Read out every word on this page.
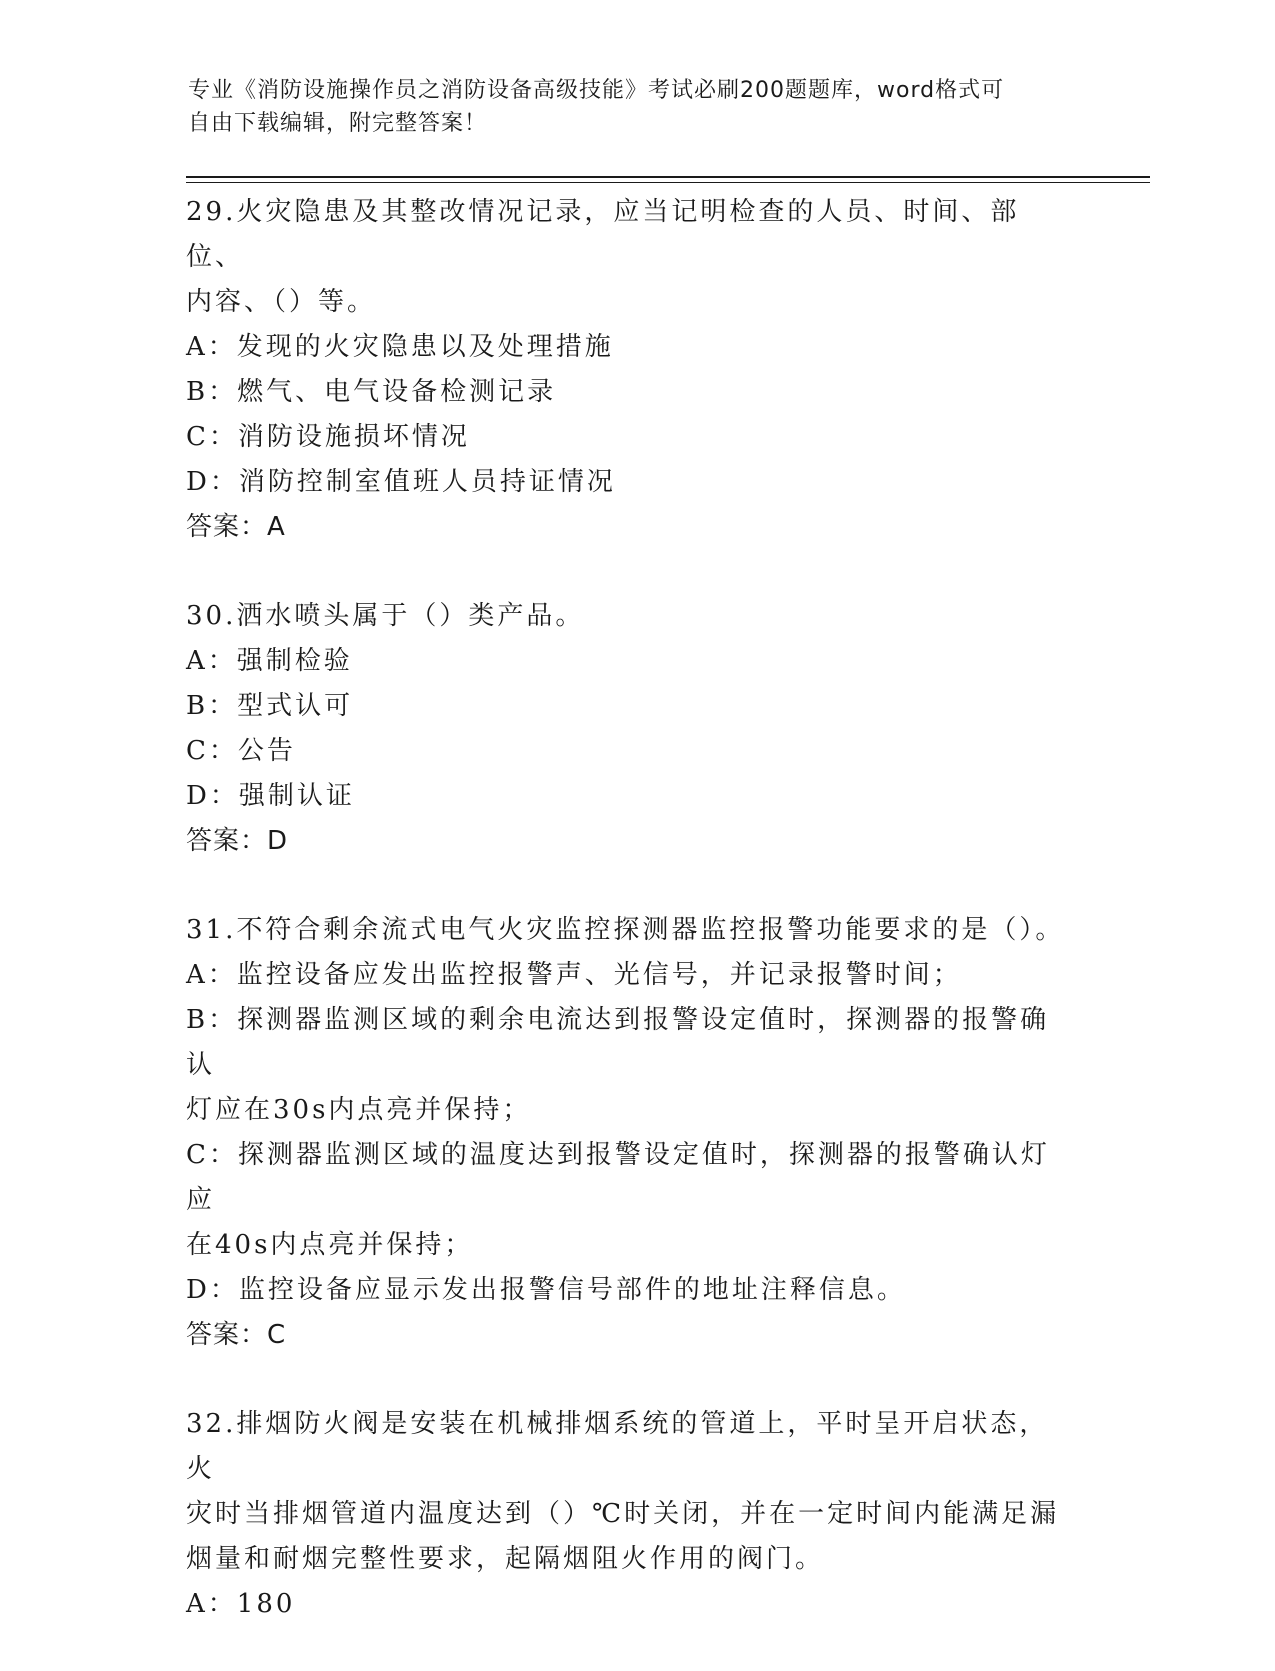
专业《消防设施操作员之消防设备高级技能》考试必刷200题题库，word格式可
自由下载编辑，附完整答案！

29.火灾隐患及其整改情况记录，应当记明检查的人员、时间、部位、

内容、（）等。

A：发现的火灾隐患以及处理措施

B：燃气、电气设备检测记录

C：消防设施损坏情况

D：消防控制室值班人员持证情况

答案：A

30.洒水喷头属于（）类产品。

A：强制检验

B：型式认可

C：公告

D：强制认证

答案：D

31.不符合剩余流式电气火灾监控探测器监控报警功能要求的是（）。

A：监控设备应发出监控报警声、光信号，并记录报警时间；

B：探测器监测区域的剩余电流达到报警设定值时，探测器的报警确认

灯应在30s内点亮并保持；

C：探测器监测区域的温度达到报警设定值时，探测器的报警确认灯应

在40s内点亮并保持；

D：监控设备应显示发出报警信号部件的地址注释信息。

答案：C

32.排烟防火阀是安装在机械排烟系统的管道上，平时呈开启状态，火

灾时当排烟管道内温度达到（）℃时关闭，并在一定时间内能满足漏

烟量和耐烟完整性要求，起隔烟阻火作用的阀门。

A：180
